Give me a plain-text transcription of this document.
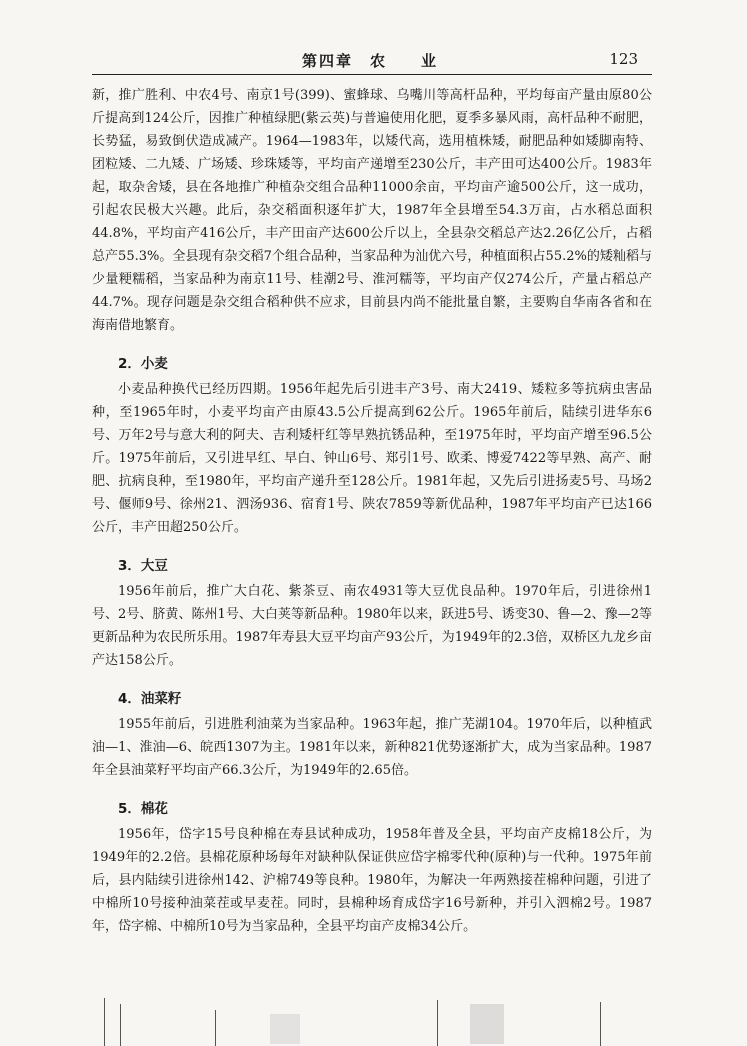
第四章　农　　业	123

新，推广胜利、中农4号、南京1号(399)、蜜蜂球、乌嘴川等高杆品种，平均每亩产量由原80公斤提高到124公斤，因推广种植绿肥(紫云英)与普遍使用化肥，夏季多暴风雨，高杆品种不耐肥，长势猛，易致倒伏造成减产。1964—1983年，以矮代高，选用植株矮，耐肥品种如矮脚南特、团粒矮、二九矮、广场矮、珍珠矮等，平均亩产递增至230公斤，丰产田可达400公斤。1983年起，取杂舍矮，县在各地推广种植杂交组合品种11000余亩，平均亩产逾500公斤，这一成功，引起农民极大兴趣。此后，杂交稻面积逐年扩大，1987年全县增至54.3万亩，占水稻总面积44.8%，平均亩产416公斤，丰产田亩产达600公斤以上，全县杂交稻总产达2.26亿公斤，占稻总产55.3%。全县现有杂交稻7个组合品种，当家品种为汕优六号，种植面积占55.2%的矮籼稻与少量粳糯稻，当家品种为南京11号、桂潮2号、淮河糯等，平均亩产仅274公斤，产量占稻总产44.7%。现存问题是杂交组合稻种供不应求，目前县内尚不能批量自繁，主要购自华南各省和在海南借地繁育。

2．小麦

小麦品种换代已经历四期。1956年起先后引进丰产3号、南大2419、矮粒多等抗病虫害品种，至1965年时，小麦平均亩产由原43.5公斤提高到62公斤。1965年前后，陆续引进华东6号、万年2号与意大利的阿夫、吉利矮杆红等早熟抗锈品种，至1975年时，平均亩产增至96.5公斤。1975年前后，又引进早红、早白、钟山6号、郑引1号、欧柔、博爱7422等早熟、高产、耐肥、抗病良种，至1980年，平均亩产递升至128公斤。1981年起，又先后引进扬麦5号、马场2号、偃师9号、徐州21、泗汤936、宿育1号、陕农7859等新优品种，1987年平均亩产已达166公斤，丰产田超250公斤。

3．大豆

1956年前后，推广大白花、紫茶豆、南农4931等大豆优良品种。1970年后，引进徐州1号、2号、脐黄、陈州1号、大白荚等新品种。1980年以来，跃进5号、诱变30、鲁—2、豫—2等更新品种为农民所乐用。1987年寿县大豆平均亩产93公斤，为1949年的2.3倍，双桥区九龙乡亩产达158公斤。

4．油菜籽

1955年前后，引进胜利油菜为当家品种。1963年起，推广芜湖104。1970年后，以种植武油—1、淮油—6、皖西1307为主。1981年以来，新种821优势逐渐扩大，成为当家品种。1987年全县油菜籽平均亩产66.3公斤，为1949年的2.65倍。

5．棉花

1956年，岱字15号良种棉在寿县试种成功，1958年普及全县，平均亩产皮棉18公斤，为1949年的2.2倍。县棉花原种场每年对缺种队保证供应岱字棉零代种(原种)与一代种。1975年前后，县内陆续引进徐州142、沪棉749等良种。1980年，为解决一年两熟接茬棉种问题，引进了中棉所10号接种油菜茬或早麦茬。同时，县棉种场育成岱字16号新种，并引入泗棉2号。1987年，岱字棉、中棉所10号为当家品种，全县平均亩产皮棉34公斤。
